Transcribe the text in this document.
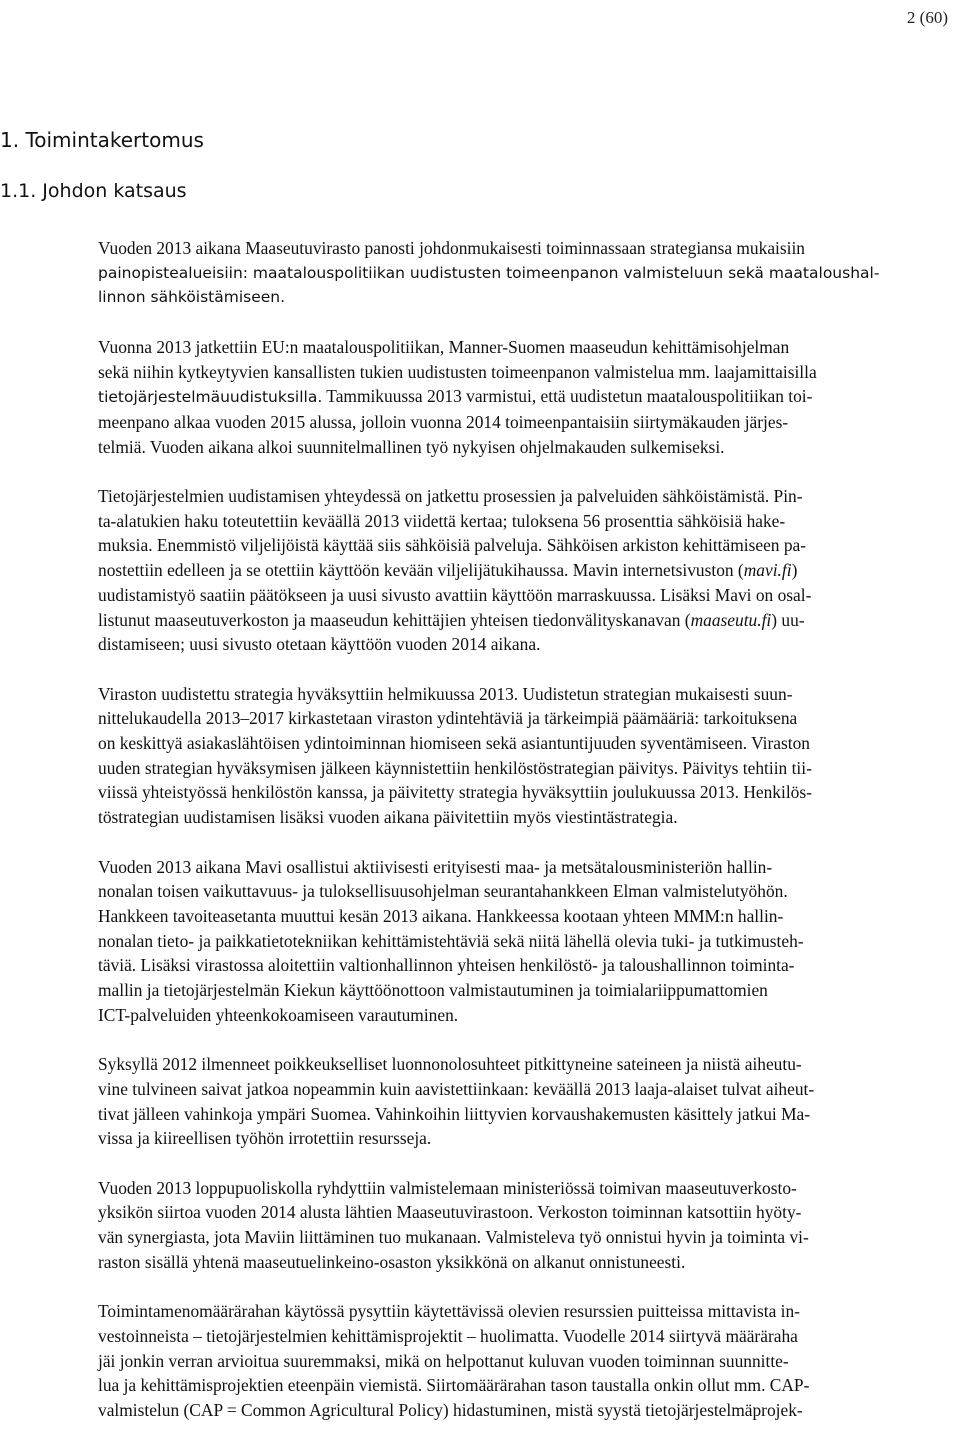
2 (60)
1. Toimintakertomus
1.1. Johdon katsaus
Vuoden 2013 aikana Maaseutuvirasto panosti johdonmukaisesti toiminnassaan strategiansa mukaisiin
painopistealueisiin: maatalouspolitiikan uudistusten toimeenpanon valmisteluun sekä maataloushal-
linnon sähköistämiseen.
Vuonna 2013 jatkettiin EU:n maatalouspolitiikan, Manner-Suomen maaseudun kehittämisohjelman
sekä niihin kytkeytyvien kansallisten tukien uudistusten toimeenpanon valmistelua mm. laajamittaisilla
tietojärjestelmäuudistuksilla. Tammikuussa 2013 varmistui, että uudistetun maatalouspolitiikan toi-
meenpano alkaa vuoden 2015 alussa, jolloin vuonna 2014 toimeenpantaisiin siirtymäkauden järjes-
telmiä. Vuoden aikana alkoi suunnitelmallinen työ nykyisen ohjelmakauden sulkemiseksi.
Tietojärjestelmien uudistamisen yhteydessä on jatkettu prosessien ja palveluiden sähköistämistä. Pin-
ta-alatukien haku toteutettiin keväällä 2013 viidettä kertaa; tuloksena 56 prosenttia sähköisiä hake-
muksia. Enemmistö viljelijöistä käyttää siis sähköisiä palveluja. Sähköisen arkiston kehittämiseen pa-
nostettiin edelleen ja se otettiin käyttöön kevään viljelijätukihaussa. Mavin internetsivuston (mavi.fi)
uudistamistyö saatiin päätökseen ja uusi sivusto avattiin käyttöön marraskuussa. Lisäksi Mavi on osal-
listunut maaseutuverkoston ja maaseudun kehittäjien yhteisen tiedonvälityskanavan (maaseutu.fi) uu-
distamiseen; uusi sivusto otetaan käyttöön vuoden 2014 aikana.
Viraston uudistettu strategia hyväksyttiin helmikuussa 2013. Uudistetun strategian mukaisesti suun-
nittelukaudella 2013–2017 kirkastetaan viraston ydintehtäviä ja tärkeimpiä päämääriä: tarkoituksena
on keskittyä asiakaslähtöisen ydintoiminnan hiomiseen sekä asiantuntijuuden syventämiseen. Viraston
uuden strategian hyväksymisen jälkeen käynnistettiin henkilöstöstrategian päivitys. Päivitys tehtiin tii-
viissä yhteistyössä henkilöstön kanssa, ja päivitetty strategia hyväksyttiin joulukuussa 2013. Henkilös-
töstrategian uudistamisen lisäksi vuoden aikana päivitettiin myös viestintästrategia.
Vuoden 2013 aikana Mavi osallistui aktiivisesti erityisesti maa- ja metsätalousministeriön hallin-
nonalan toisen vaikuttavuus- ja tuloksellisuusohjelman seurantahankkeen Elman valmistelutyöhön.
Hankkeen tavoiteasetanta muuttui kesän 2013 aikana. Hankkeessa kootaan yhteen MMM:n hallin-
nonalan tieto- ja paikkatietotekniikan kehittämistehtäviä sekä niitä lähellä olevia tuki- ja tutkimusteh-
täviä. Lisäksi virastossa aloitettiin valtionhallinnon yhteisen henkilöstö- ja taloushallinnon toiminta-
mallin ja tietojärjestelmän Kiekun käyttöönottoon valmistautuminen ja toimialariippumattomien
ICT-palveluiden yhteenkokoamiseen varautuminen.
Syksyllä 2012 ilmenneet poikkeukselliset luonnonolosuhteet pitkittyneine sateineen ja niistä aiheutu-
vine tulvineen saivat jatkoa nopeammin kuin aavistettiinkaan: keväällä 2013 laaja-alaiset tulvat aiheut-
tivat jälleen vahinkoja ympäri Suomea. Vahinkoihin liittyvien korvaushakemusten käsittely jatkui Ma-
vissa ja kiireellisen työhön irrotettiin resursseja.
Vuoden 2013 loppupuoliskolla ryhdyttiin valmistelemaan ministeriössä toimivan maaseutuverkosto-
yksikön siirtoa vuoden 2014 alusta lähtien Maaseutuvirastoon. Verkoston toiminnan katsottiin hyöty-
vän synergiasta, jota Maviin liittäminen tuo mukanaan. Valmisteleva työ onnistui hyvin ja toiminta vi-
raston sisällä yhtenä maaseutuelinkeino-osaston yksikkönä on alkanut onnistuneesti.
Toimintamenomäärärahan käytössä pysyttiin käytettävissä olevien resurssien puitteissa mittavista in-
vestoinneista – tietojärjestelmien kehittämisprojektit – huolimatta. Vuodelle 2014 siirtyvä määräraha
jäi jonkin verran arvioitua suuremmaksi, mikä on helpottanut kuluvan vuoden toiminnan suunnitte-
lua ja kehittämisprojektien eteenpäin viemistä. Siirtomäärärahan tason taustalla onkin ollut mm. CAP-
valmistelun (CAP = Common Agricultural Policy) hidastuminen, mistä syystä tietojärjestelmäprojek-
